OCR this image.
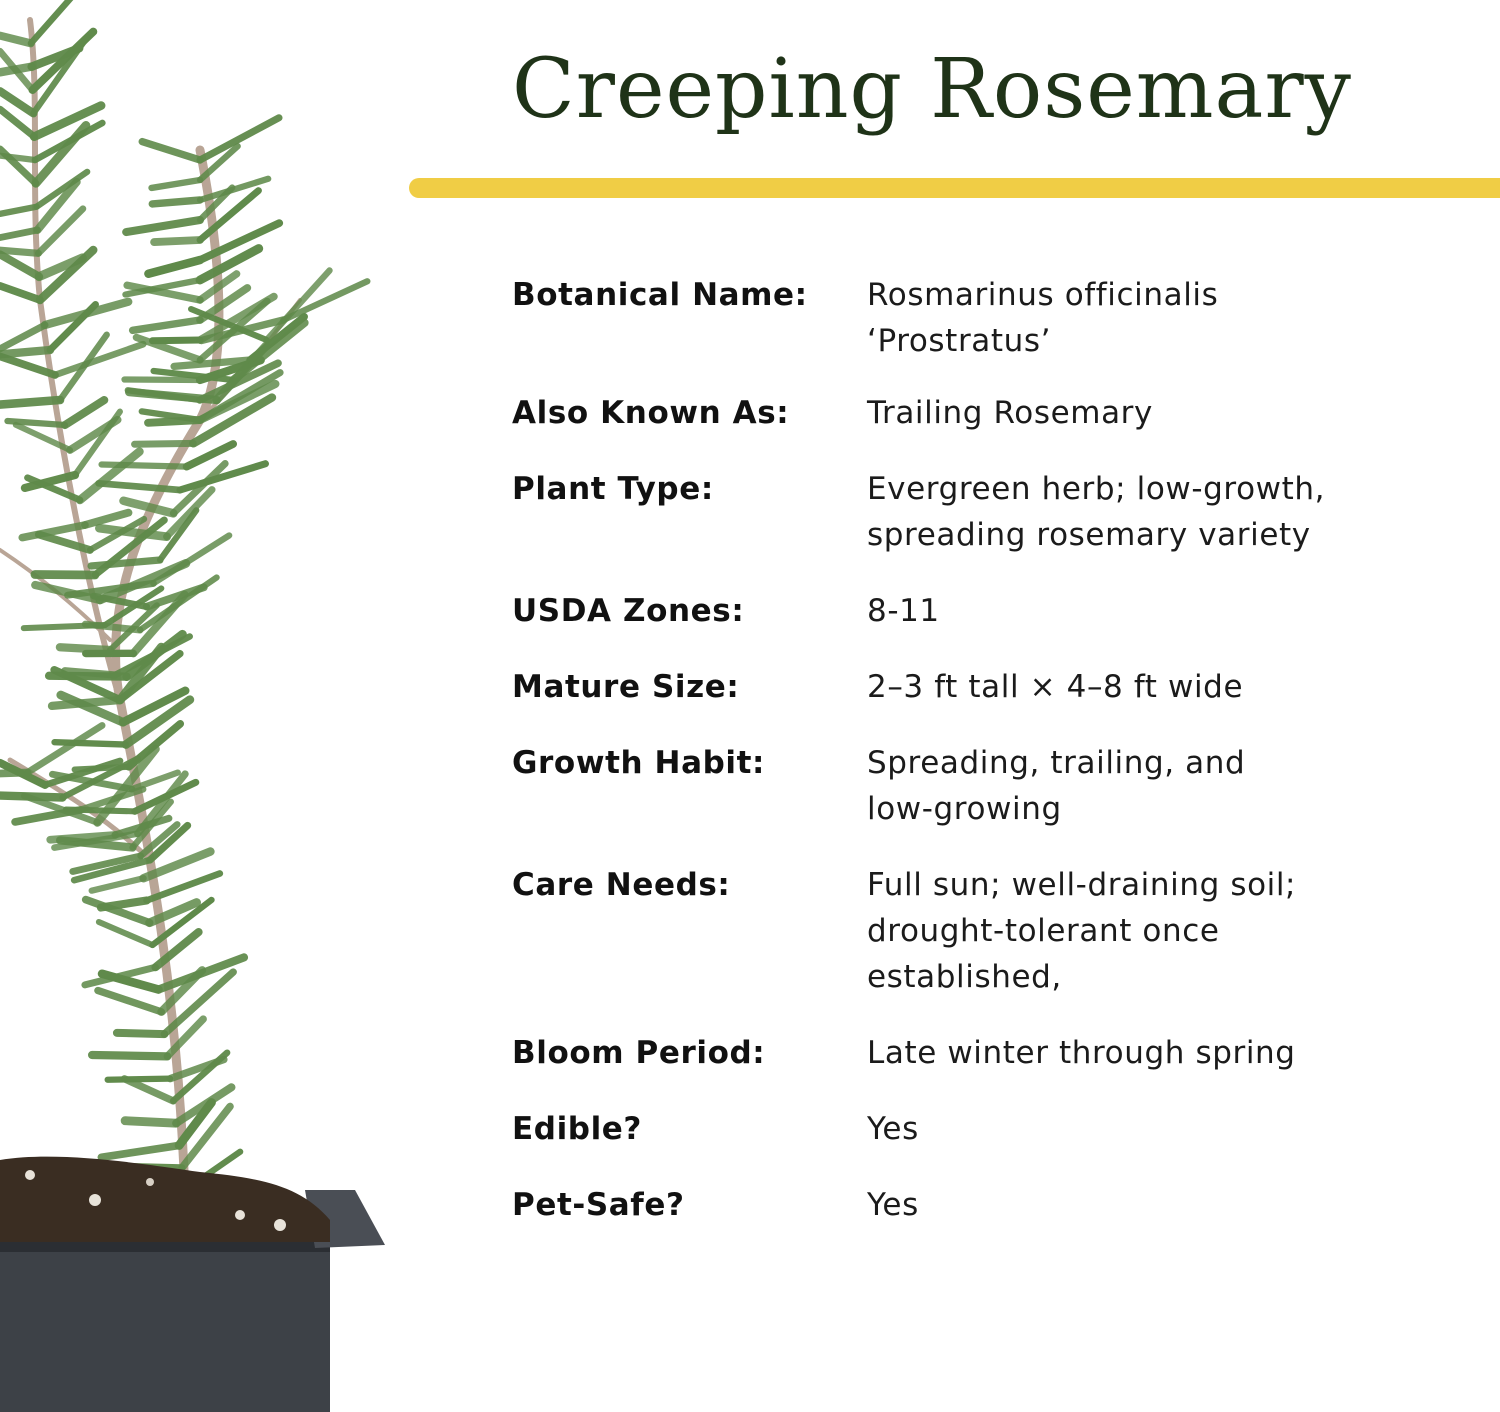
Creeping Rosemary
Botanical Name:	Rosmarinus officinalis
‘Prostratus’
Also Known As:	Trailing Rosemary
Plant Type:	Evergreen herb; low-growth,
spreading rosemary variety
USDA Zones:	8-11
Mature Size:	2–3 ft tall × 4–8 ft wide
Growth Habit:	Spreading, trailing, and
low-growing
Care Needs:	Full sun; well-draining soil;
drought-tolerant once
established,
Bloom Period:	Late winter through spring
Edible?	Yes
Pet-Safe?	Yes
